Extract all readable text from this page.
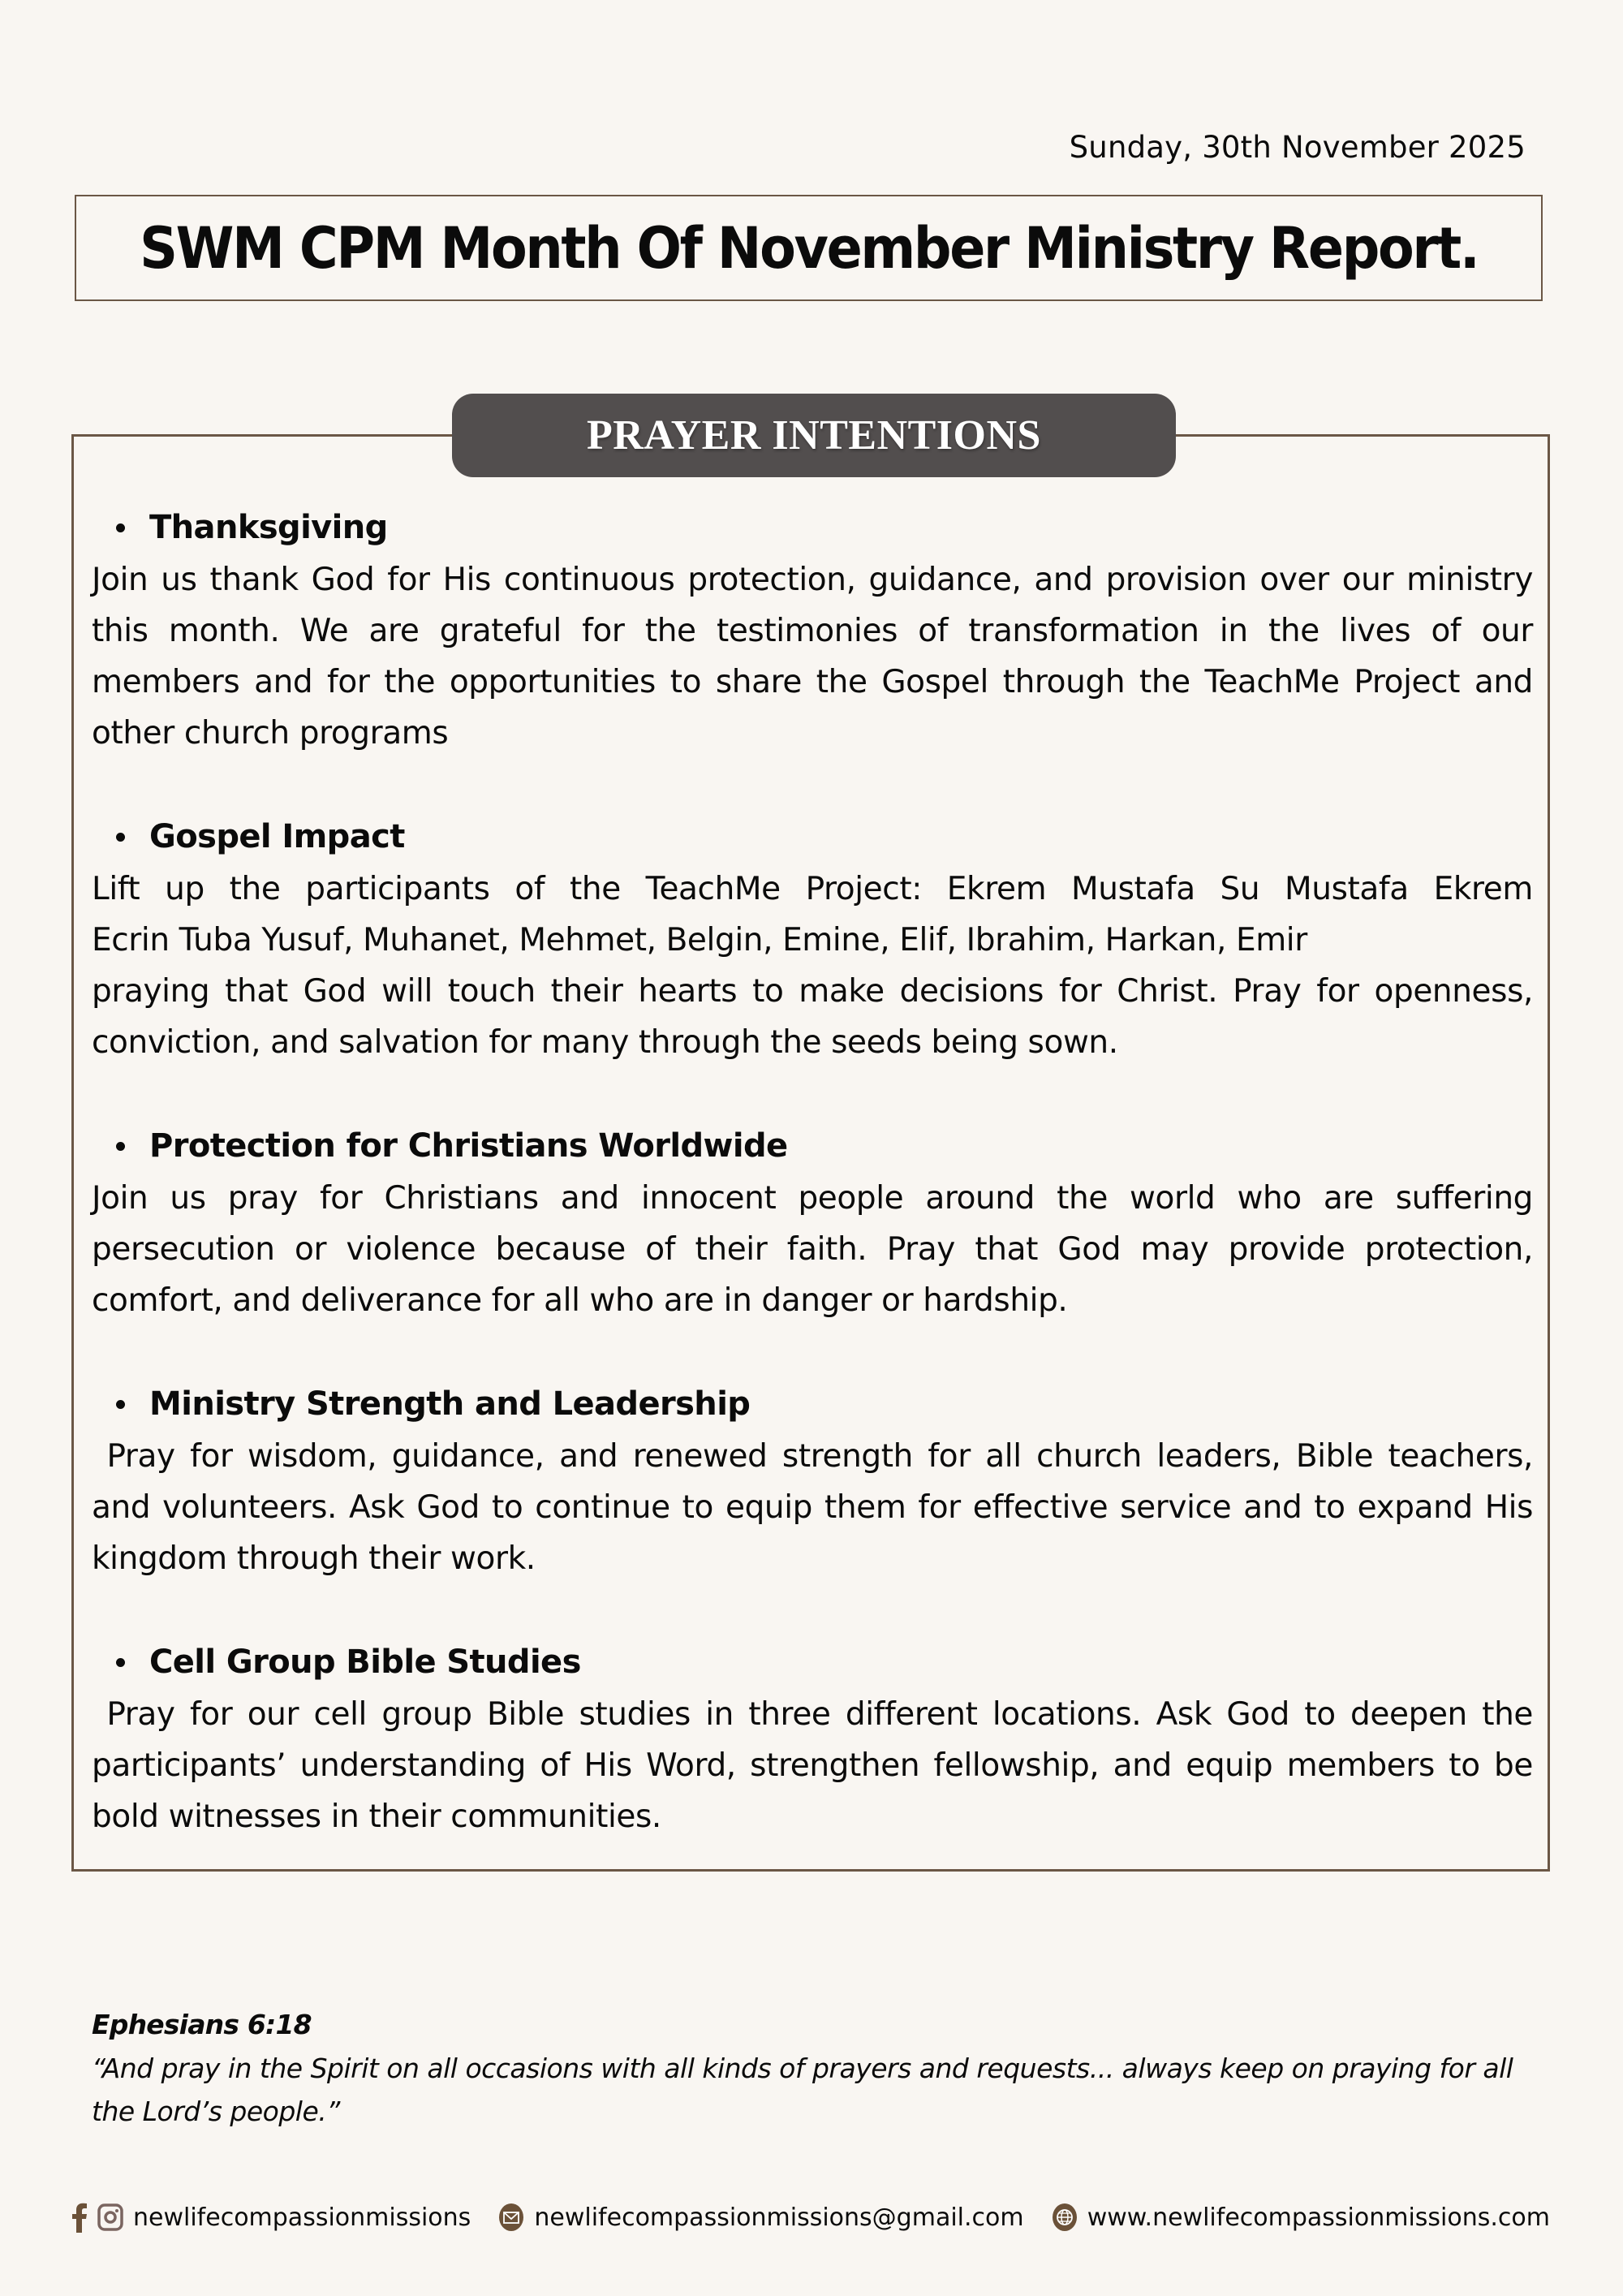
Sunday, 30th November 2025
SWM CPM Month Of November Ministry Report.
PRAYER INTENTIONS
Thanksgiving

Join us thank God for His continuous protection, guidance, and provision over our ministry this month. We are grateful for the testimonies of transformation in the lives of our members and for the opportunities to share the Gospel through the TeachMe Project and other church programs

Gospel Impact
Lift up the participants of the TeachMe Project: Ekrem Mustafa Su Mustafa Ekrem
Ecrin Tuba Yusuf, Muhanet, Mehmet, Belgin, Emine, Elif, Ibrahim, Harkan, Emir
praying that God will touch their hearts to make decisions for Christ. Pray for openness, conviction, and salvation for many through the seeds being sown.
Protection for Christians Worldwide

Join us pray for Christians and innocent people around the world who are suffering persecution or violence because of their faith. Pray that God may provide protection, comfort, and deliverance for all who are in danger or hardship.

Ministry Strength and Leadership

Pray for wisdom, guidance, and renewed strength for all church leaders, Bible teachers, and volunteers. Ask God to continue to equip them for effective service and to expand His kingdom through their work.

Cell Group Bible Studies

Pray for our cell group Bible studies in three different locations. Ask God to deepen the participants’ understanding of His Word, strengthen fellowship, and equip members to be bold witnesses in their communities.

Ephesians 6:18

“And pray in the Spirit on all occasions with all kinds of prayers and requests... always keep on praying for all the Lord’s people.”

newlifecompassionmissions	newlifecompassionmissions@gmail.com	www.newlifecompassionmissions.com
